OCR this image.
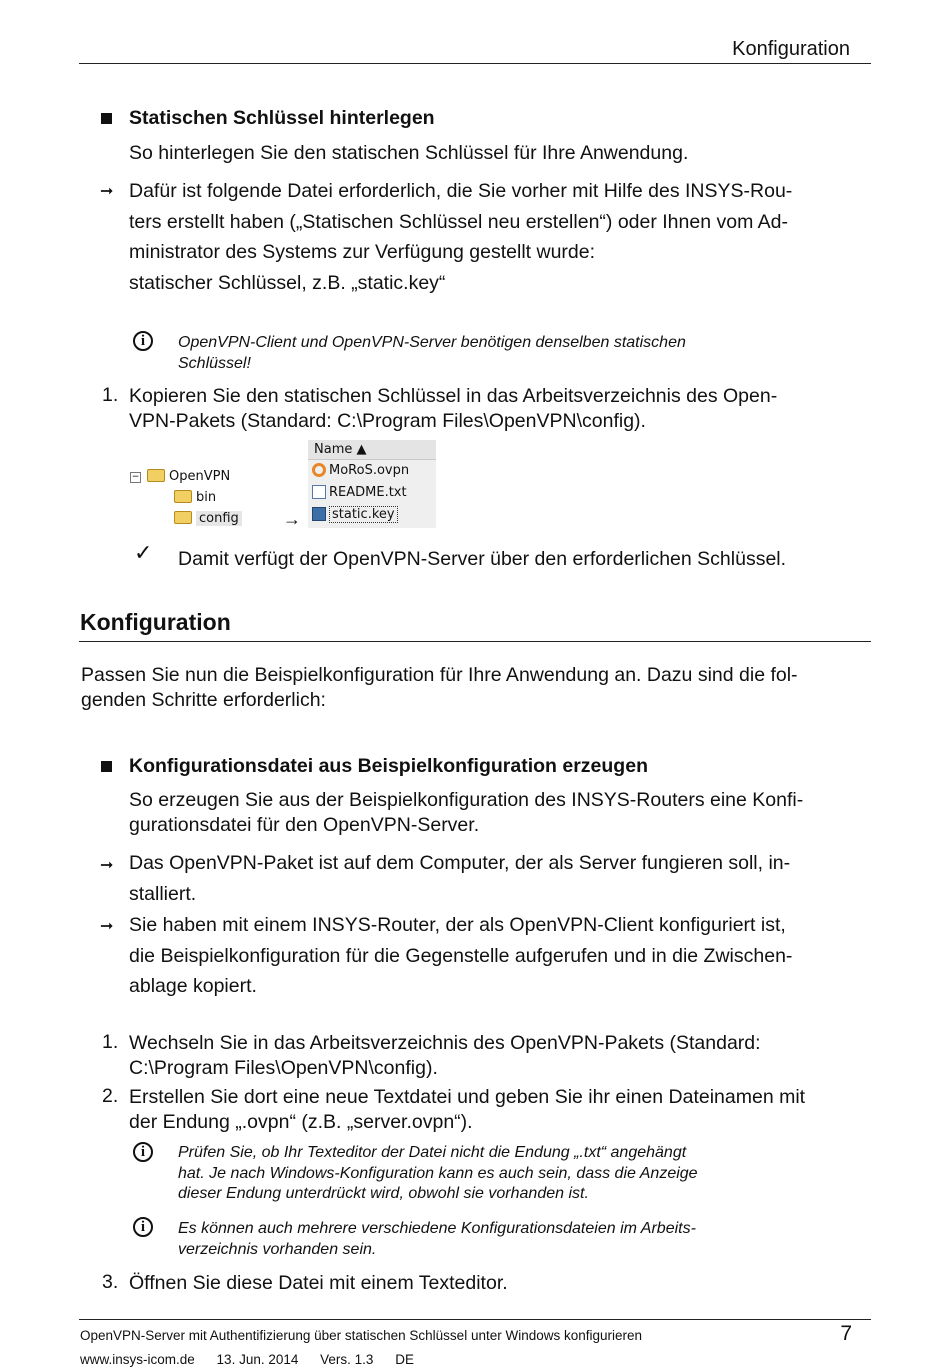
Konfiguration
Statischen Schlüssel hinterlegen
So hinterlegen Sie den statischen Schlüssel für Ihre Anwendung.
➞ Dafür ist folgende Datei erforderlich, die Sie vorher mit Hilfe des INSYS-Rou-
ters erstellt haben („Statischen Schlüssel neu erstellen“) oder Ihnen vom Ad-
ministrator des Systems zur Verfügung gestellt wurde:
statischer Schlüssel, z.B. „static.key“
i	OpenVPN-Client und OpenVPN-Server benötigen denselben statischen
Schlüssel!
1. Kopieren Sie den statischen Schlüssel in das Arbeitsverzeichnis des Open-
VPN-Pakets (Standard: C:\Program Files\OpenVPN\config).
− OpenVPN
bin
config →
Name ▲
MoRoS.ovpn
README.txt
static.key
✓ Damit verfügt der OpenVPN-Server über den erforderlichen Schlüssel.
Konfiguration
Passen Sie nun die Beispielkonfiguration für Ihre Anwendung an. Dazu sind die fol-
genden Schritte erforderlich:
Konfigurationsdatei aus Beispielkonfiguration erzeugen
So erzeugen Sie aus der Beispielkonfiguration des INSYS-Routers eine Konfi-
gurationsdatei für den OpenVPN-Server.
➞ Das OpenVPN-Paket ist auf dem Computer, der als Server fungieren soll, in-
stalliert.
➞ Sie haben mit einem INSYS-Router, der als OpenVPN-Client konfiguriert ist,
die Beispielkonfiguration für die Gegenstelle aufgerufen und in die Zwischen-
ablage kopiert.
1. Wechseln Sie in das Arbeitsverzeichnis des OpenVPN-Pakets (Standard:
C:\Program Files\OpenVPN\config).
2. Erstellen Sie dort eine neue Textdatei und geben Sie ihr einen Dateinamen mit
der Endung „.ovpn“ (z.B. „server.ovpn“).
i	Prüfen Sie, ob Ihr Texteditor der Datei nicht die Endung „.txt“ angehängt
hat. Je nach Windows-Konfiguration kann es auch sein, dass die Anzeige
dieser Endung unterdrückt wird, obwohl sie vorhanden ist.
i	Es können auch mehrere verschiedene Konfigurationsdateien im Arbeits-
verzeichnis vorhanden sein.
3. Öffnen Sie diese Datei mit einem Texteditor.
OpenVPN-Server mit Authentifizierung über statischen Schlüssel unter Windows konfigurieren	7
www.insys-icom.de 13. Jun. 2014 Vers. 1.3 DE
